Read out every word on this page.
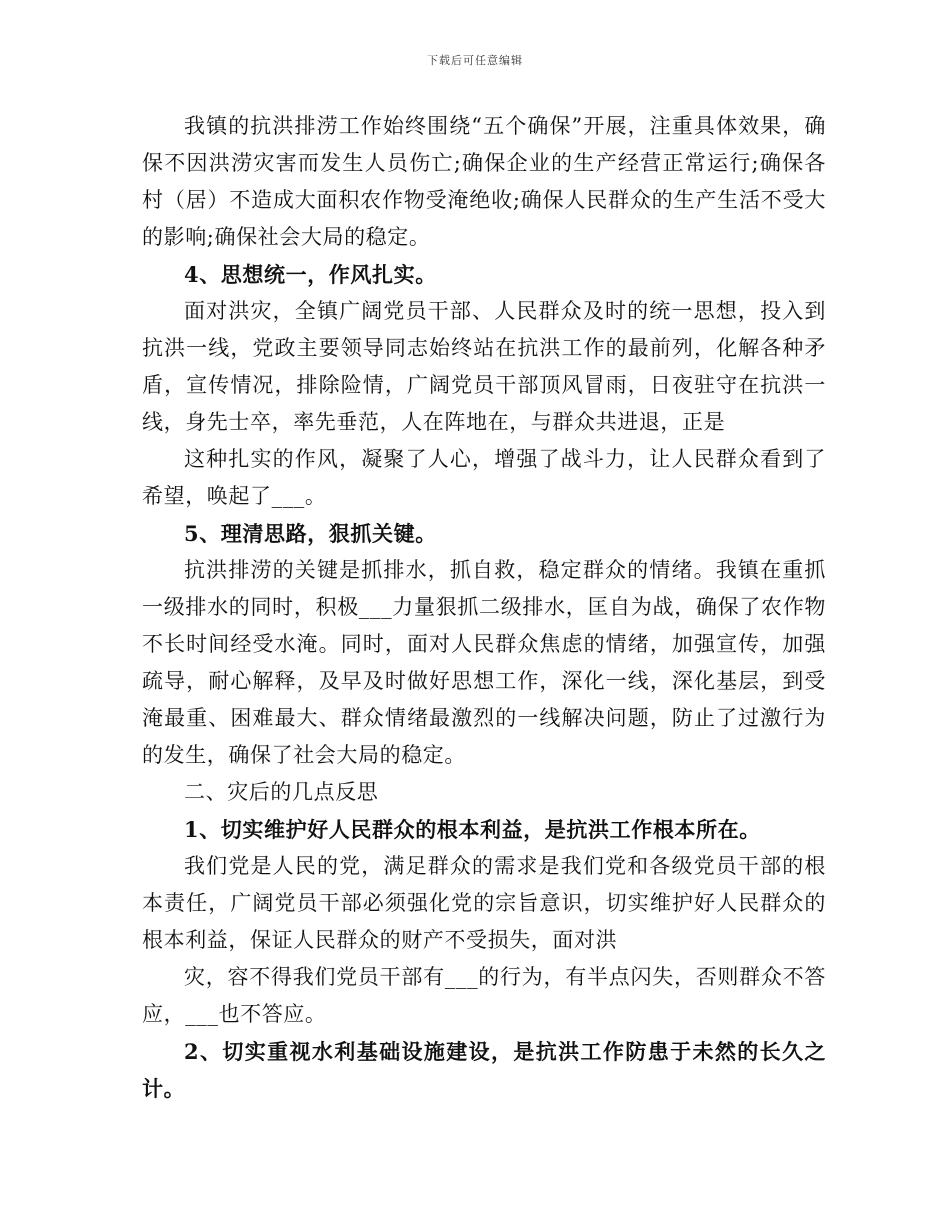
下载后可任意编辑

我镇的抗洪排涝工作始终围绕“五个确保”开展，注重具体效果，确保不因洪涝灾害而发生人员伤亡;确保企业的生产经营正常运行;确保各村（居）不造成大面积农作物受淹绝收;确保人民群众的生产生活不受大的影响;确保社会大局的稳定。

4、思想统一，作风扎实。

面对洪灾，全镇广阔党员干部、人民群众及时的统一思想，投入到抗洪一线，党政主要领导同志始终站在抗洪工作的最前列，化解各种矛盾，宣传情况，排除险情，广阔党员干部顶风冒雨，日夜驻守在抗洪一线，身先士卒，率先垂范，人在阵地在，与群众共进退，正是

这种扎实的作风，凝聚了人心，增强了战斗力，让人民群众看到了希望，唤起了___。

5、理清思路，狠抓关键。

抗洪排涝的关键是抓排水，抓自救，稳定群众的情绪。我镇在重抓一级排水的同时，积极___力量狠抓二级排水，匡自为战，确保了农作物不长时间经受水淹。同时，面对人民群众焦虑的情绪，加强宣传，加强疏导，耐心解释，及早及时做好思想工作，深化一线，深化基层，到受淹最重、困难最大、群众情绪最激烈的一线解决问题，防止了过激行为的发生，确保了社会大局的稳定。

二、灾后的几点反思

1、切实维护好人民群众的根本利益，是抗洪工作根本所在。

我们党是人民的党，满足群众的需求是我们党和各级党员干部的根本责任，广阔党员干部必须强化党的宗旨意识，切实维护好人民群众的根本利益，保证人民群众的财产不受损失，面对洪

灾，容不得我们党员干部有___的行为，有半点闪失，否则群众不答应，___也不答应。

2、切实重视水利基础设施建设，是抗洪工作防患于未然的长久之计。
